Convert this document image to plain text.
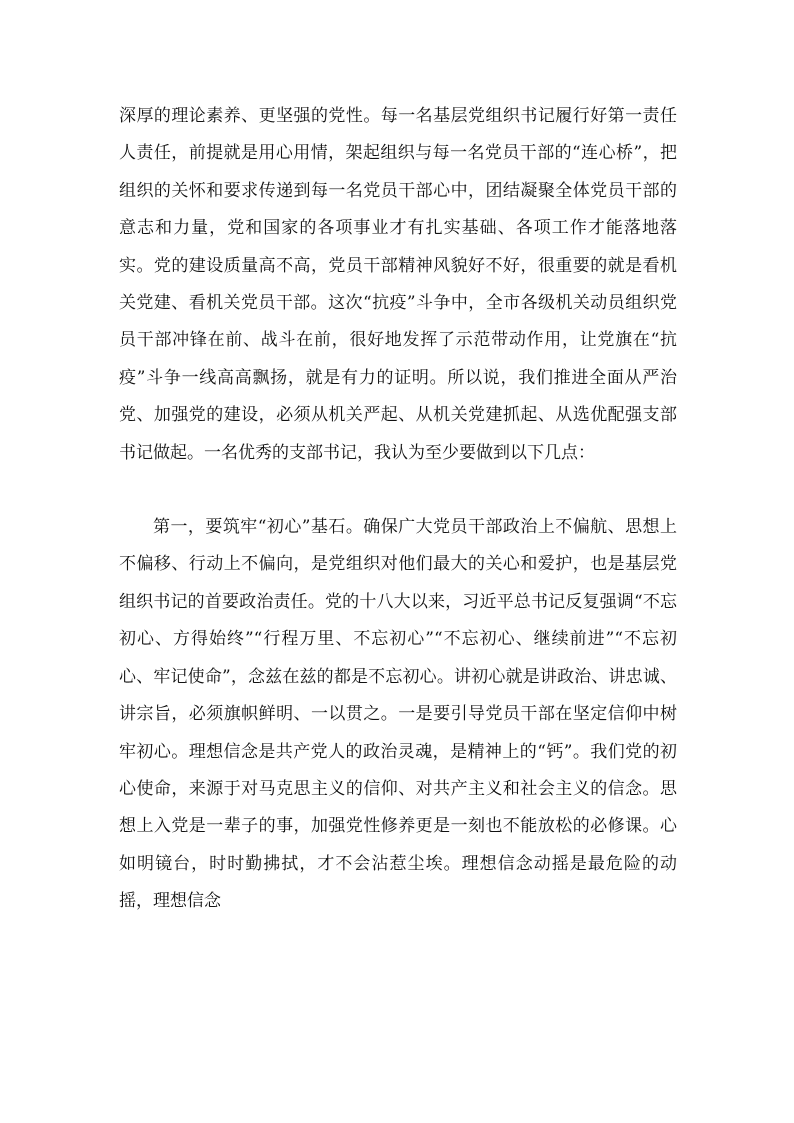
深厚的理论素养、更坚强的党性。每一名基层党组织书记履行好第一责任人责任，前提就是用心用情，架起组织与每一名党员干部的“连心桥”，把组织的关怀和要求传递到每一名党员干部心中，团结凝聚全体党员干部的意志和力量，党和国家的各项事业才有扎实基础、各项工作才能落地落实。党的建设质量高不高，党员干部精神风貌好不好，很重要的就是看机关党建、看机关党员干部。这次“抗疫”斗争中，全市各级机关动员组织党员干部冲锋在前、战斗在前，很好地发挥了示范带动作用，让党旗在“抗疫”斗争一线高高飘扬，就是有力的证明。所以说，我们推进全面从严治党、加强党的建设，必须从机关严起、从机关党建抓起、从选优配强支部书记做起。一名优秀的支部书记，我认为至少要做到以下几点：

第一，要筑牢“初心”基石。确保广大党员干部政治上不偏航、思想上不偏移、行动上不偏向，是党组织对他们最大的关心和爱护，也是基层党组织书记的首要政治责任。党的十八大以来，习近平总书记反复强调“不忘初心、方得始终”“行程万里、不忘初心”“不忘初心、继续前进”“不忘初心、牢记使命”，念兹在兹的都是不忘初心。讲初心就是讲政治、讲忠诚、讲宗旨，必须旗帜鲜明、一以贯之。一是要引导党员干部在坚定信仰中树牢初心。理想信念是共产党人的政治灵魂，是精神上的“钙”。我们党的初心使命，来源于对马克思主义的信仰、对共产主义和社会主义的信念。思想上入党是一辈子的事，加强党性修养更是一刻也不能放松的必修课。心如明镜台，时时勤拂拭，才不会沾惹尘埃。理想信念动摇是最危险的动摇，理想信念
